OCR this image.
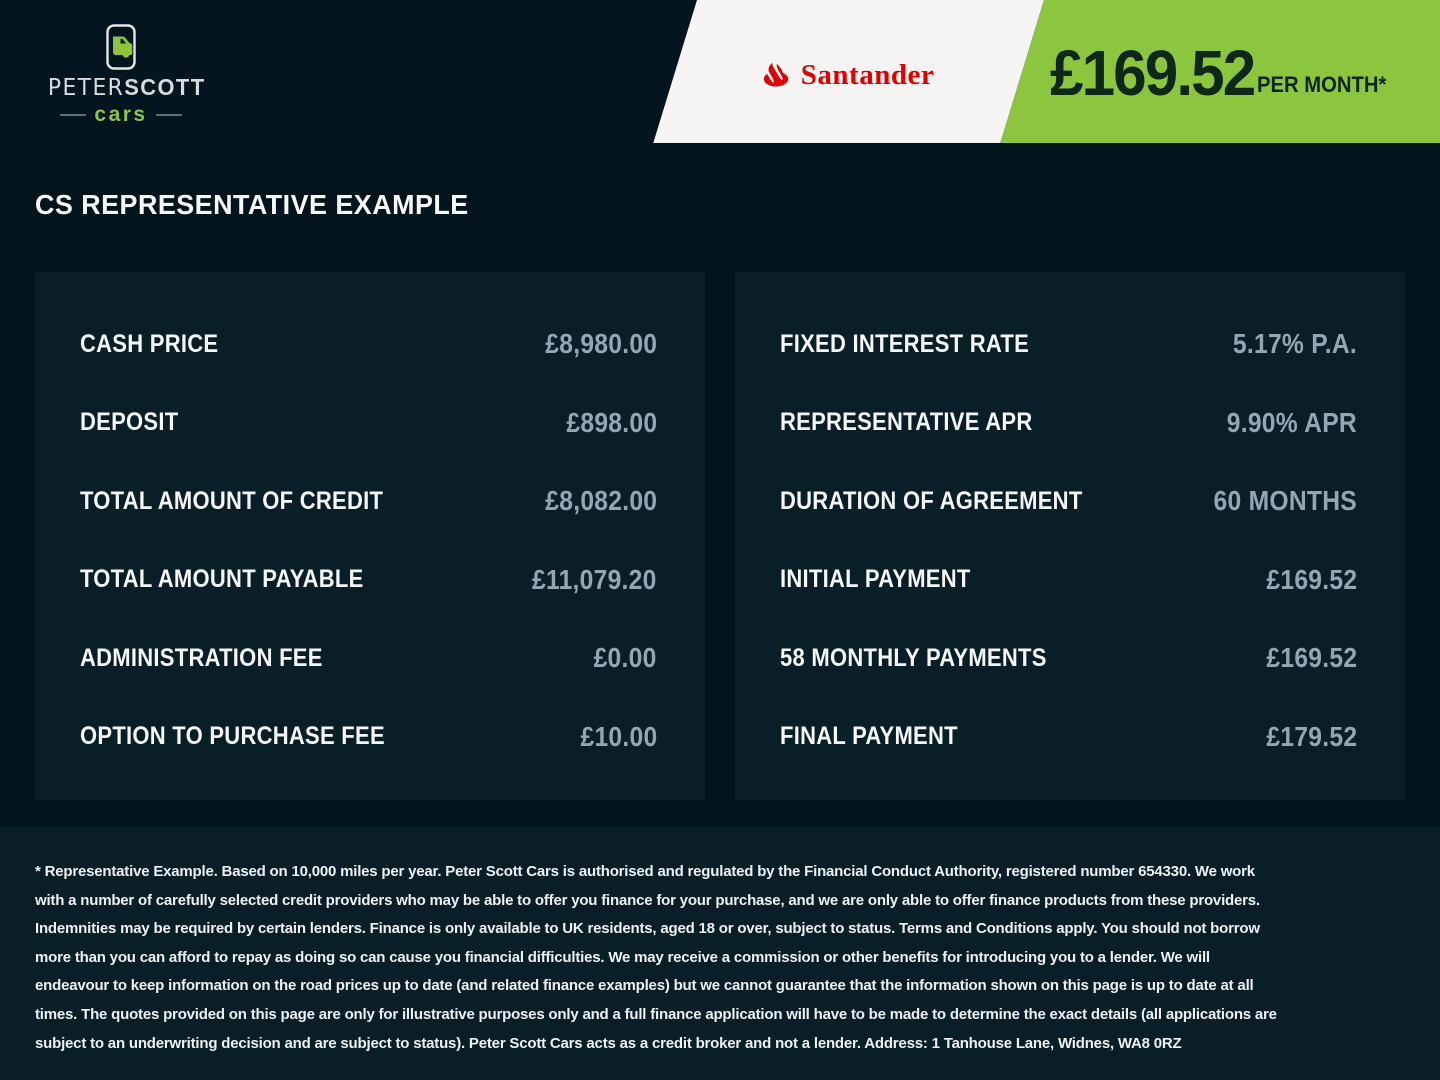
PETERSCOTT
cars
Santander £169.52 PER MONTH*
CS REPRESENTATIVE EXAMPLE
CASH PRICE	£8,980.00
DEPOSIT	£898.00
TOTAL AMOUNT OF CREDIT	£8,082.00
TOTAL AMOUNT PAYABLE	£11,079.20
ADMINISTRATION FEE	£0.00
OPTION TO PURCHASE FEE	£10.00
FIXED INTEREST RATE	5.17% P.A.
REPRESENTATIVE APR	9.90% APR
DURATION OF AGREEMENT	60 MONTHS
INITIAL PAYMENT	£169.52
58 MONTHLY PAYMENTS	£169.52
FINAL PAYMENT	£179.52
* Representative Example. Based on 10,000 miles per year. Peter Scott Cars is authorised and regulated by the Financial Conduct Authority, registered number 654330. We work with a number of carefully selected credit providers who may be able to offer you finance for your purchase, and we are only able to offer finance products from these providers. Indemnities may be required by certain lenders. Finance is only available to UK residents, aged 18 or over, subject to status. Terms and Conditions apply. You should not borrow more than you can afford to repay as doing so can cause you financial difficulties. We may receive a commission or other benefits for introducing you to a lender. We will endeavour to keep information on the road prices up to date (and related finance examples) but we cannot guarantee that the information shown on this page is up to date at all times. The quotes provided on this page are only for illustrative purposes only and a full finance application will have to be made to determine the exact details (all applications are subject to an underwriting decision and are subject to status). Peter Scott Cars acts as a credit broker and not a lender. Address: 1 Tanhouse Lane, Widnes, WA8 0RZ
